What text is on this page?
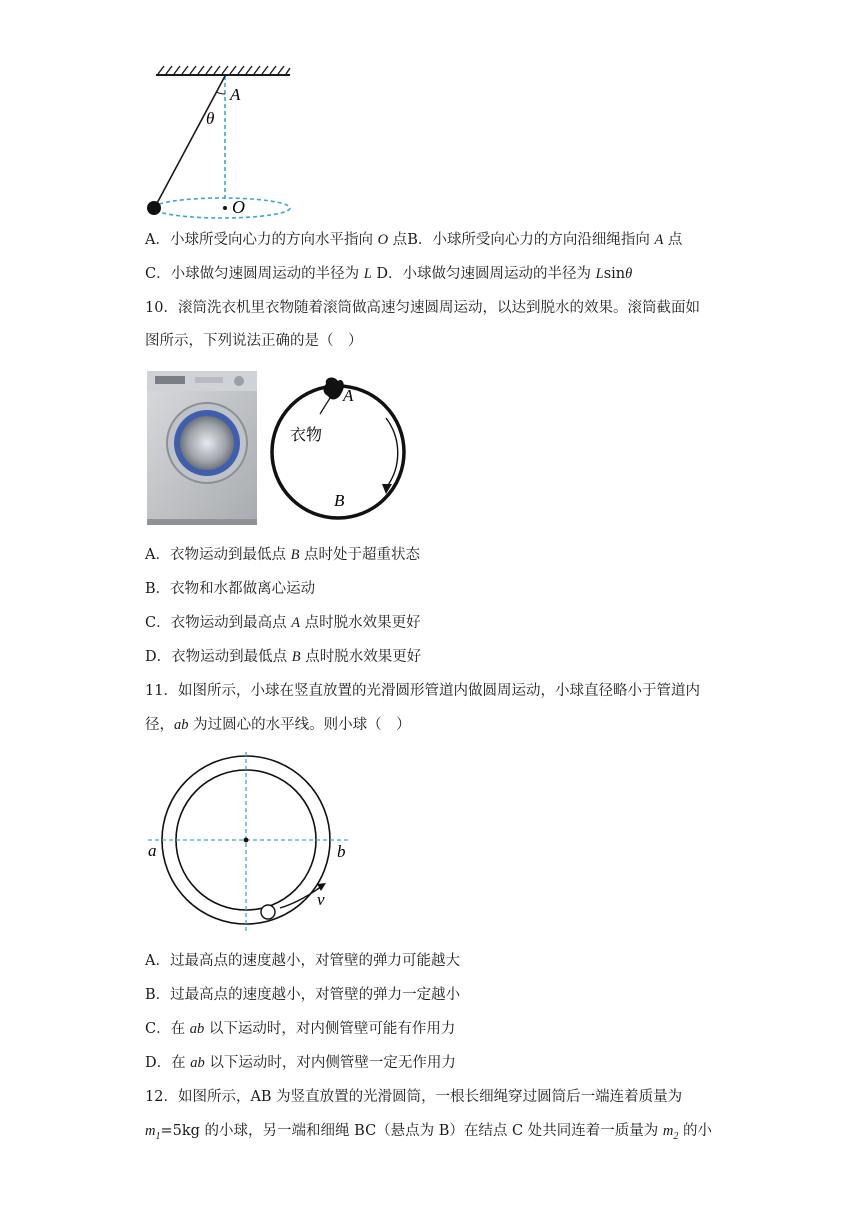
A
θ
O
A．小球所受向心力的方向水平指向 O 点B．小球所受向心力的方向沿细绳指向 A 点
C．小球做匀速圆周运动的半径为 L D．小球做匀速圆周运动的半径为 Lsinθ
10．滚筒洗衣机里衣物随着滚筒做高速匀速圆周运动，以达到脱水的效果。滚筒截面如
图所示，下列说法正确的是（　）
A
B
衣物
A．衣物运动到最低点 B 点时处于超重状态
B．衣物和水都做离心运动
C．衣物运动到最高点 A 点时脱水效果更好
D．衣物运动到最低点 B 点时脱水效果更好
11．如图所示，小球在竖直放置的光滑圆形管道内做圆周运动，小球直径略小于管道内
径，ab 为过圆心的水平线。则小球（　）
a	b
v
A．过最高点的速度越小，对管壁的弹力可能越大
B．过最高点的速度越小，对管壁的弹力一定越小
C．在 ab 以下运动时，对内侧管壁可能有作用力
D．在 ab 以下运动时，对内侧管壁一定无作用力
12．如图所示，AB 为竖直放置的光滑圆筒，一根长细绳穿过圆筒后一端连着质量为
$m_1=5kg$ 的小球，另一端和细绳 BC（悬点为 B）在结点 C 处共同连着一质量为 $m_2$ 的小
